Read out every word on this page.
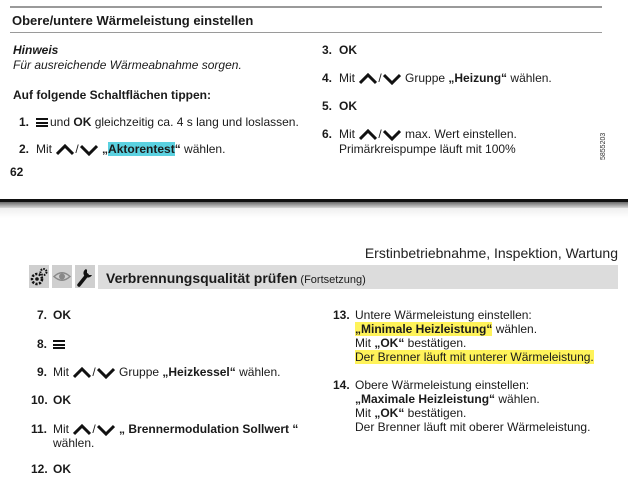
Obere/untere Wärmeleistung einstellen
Hinweis
Für ausreichende Wärmeabnahme sorgen.
Auf folgende Schaltflächen tippen:
1.	und OK gleichzeitig ca. 4 s lang und loslassen.
2. Mit / „Aktorentest“ wählen.
3. OK
4. Mit / Gruppe „Heizung“ wählen.
5. OK
6. Mit / max. Wert einstellen.
Primärkreispumpe läuft mit 100%
62
5855203
Erstinbetriebnahme, Inspektion, Wartung
Verbrennungsqualität prüfen (Fortsetzung)
7. OK
8.
9. Mit / Gruppe „Heizkessel“ wählen.
10. OK
11. Mit / „ Brennermodulation Sollwert “
wählen.
12. OK
13. Untere Wärmeleistung einstellen:
„Minimale Heizleistung“ wählen.
Mit „OK“ bestätigen.
Der Brenner läuft mit unterer Wärmeleistung.
14. Obere Wärmeleistung einstellen:
„Maximale Heizleistung“ wählen.
Mit „OK“ bestätigen.
Der Brenner läuft mit oberer Wärmeleistung.
